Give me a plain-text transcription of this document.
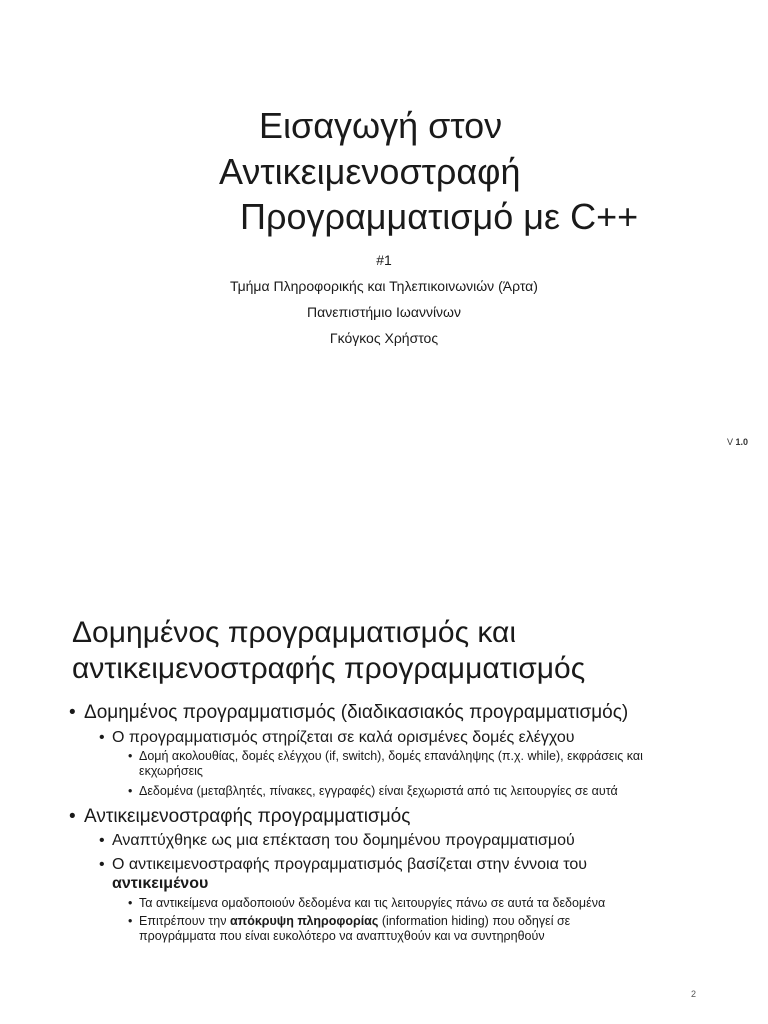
Εισαγωγή στον
Αντικειμενοστραφή
Προγραμματισμό με C++
#1
Τμήμα Πληροφορικής και Τηλεπικοινωνιών (Άρτα)
Πανεπιστήμιο Ιωαννίνων
Γκόγκος Χρήστος
V 1.0
Δομημένος προγραμματισμός και
αντικειμενοστραφής προγραμματισμός
• Δομημένος προγραμματισμός (διαδικασιακός προγραμματισμός)
• Ο προγραμματισμός στηρίζεται σε καλά ορισμένες δομές ελέγχου
• Δομή ακολουθίας, δομές ελέγχου (if, switch), δομές επανάληψης (π.χ. while), εκφράσεις και εκχωρήσεις
• Δεδομένα (μεταβλητές, πίνακες, εγγραφές) είναι ξεχωριστά από τις λειτουργίες σε αυτά
• Αντικειμενοστραφής προγραμματισμός
• Αναπτύχθηκε ως μια επέκταση του δομημένου προγραμματισμού
• Ο αντικειμενοστραφής προγραμματισμός βασίζεται στην έννοια του αντικειμένου
• Τα αντικείμενα ομαδοποιούν δεδομένα και τις λειτουργίες πάνω σε αυτά τα δεδομένα
• Επιτρέπουν την απόκρυψη πληροφορίας (information hiding) που οδηγεί σε προγράμματα που είναι ευκολότερο να αναπτυχθούν και να συντηρηθούν
2
